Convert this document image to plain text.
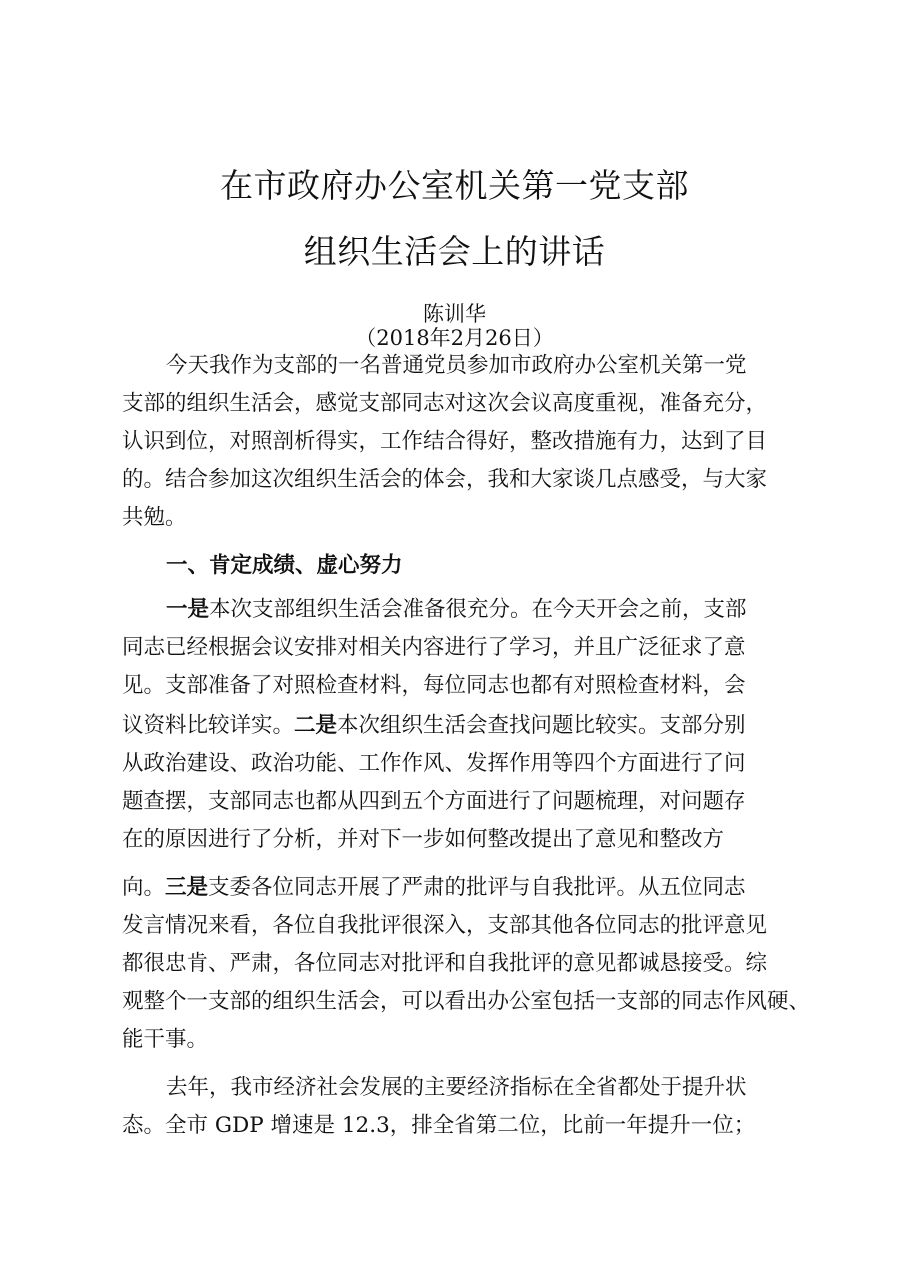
在市政府办公室机关第一党支部
组织生活会上的讲话
陈训华
（2018年2月26日）
今天我作为支部的一名普通党员参加市政府办公室机关第一党
支部的组织生活会，感觉支部同志对这次会议高度重视，准备充分，
认识到位，对照剖析得实，工作结合得好，整改措施有力，达到了目
的。结合参加这次组织生活会的体会，我和大家谈几点感受，与大家
共勉。
一、肯定成绩、虚心努力
一是本次支部组织生活会准备很充分。在今天开会之前，支部
同志已经根据会议安排对相关内容进行了学习，并且广泛征求了意
见。支部准备了对照检查材料，每位同志也都有对照检查材料，会
议资料比较详实。二是本次组织生活会查找问题比较实。支部分别
从政治建设、政治功能、工作作风、发挥作用等四个方面进行了问
题查摆，支部同志也都从四到五个方面进行了问题梳理，对问题存
在的原因进行了分析，并对下一步如何整改提出了意见和整改方
向。三是支委各位同志开展了严肃的批评与自我批评。从五位同志
发言情况来看，各位自我批评很深入，支部其他各位同志的批评意见
都很忠肯、严肃，各位同志对批评和自我批评的意见都诚恳接受。综
观整个一支部的组织生活会，可以看出办公室包括一支部的同志作风硬、
能干事。
去年，我市经济社会发展的主要经济指标在全省都处于提升状
态。全市 GDP 增速是 12.3，排全省第二位，比前一年提升一位；
